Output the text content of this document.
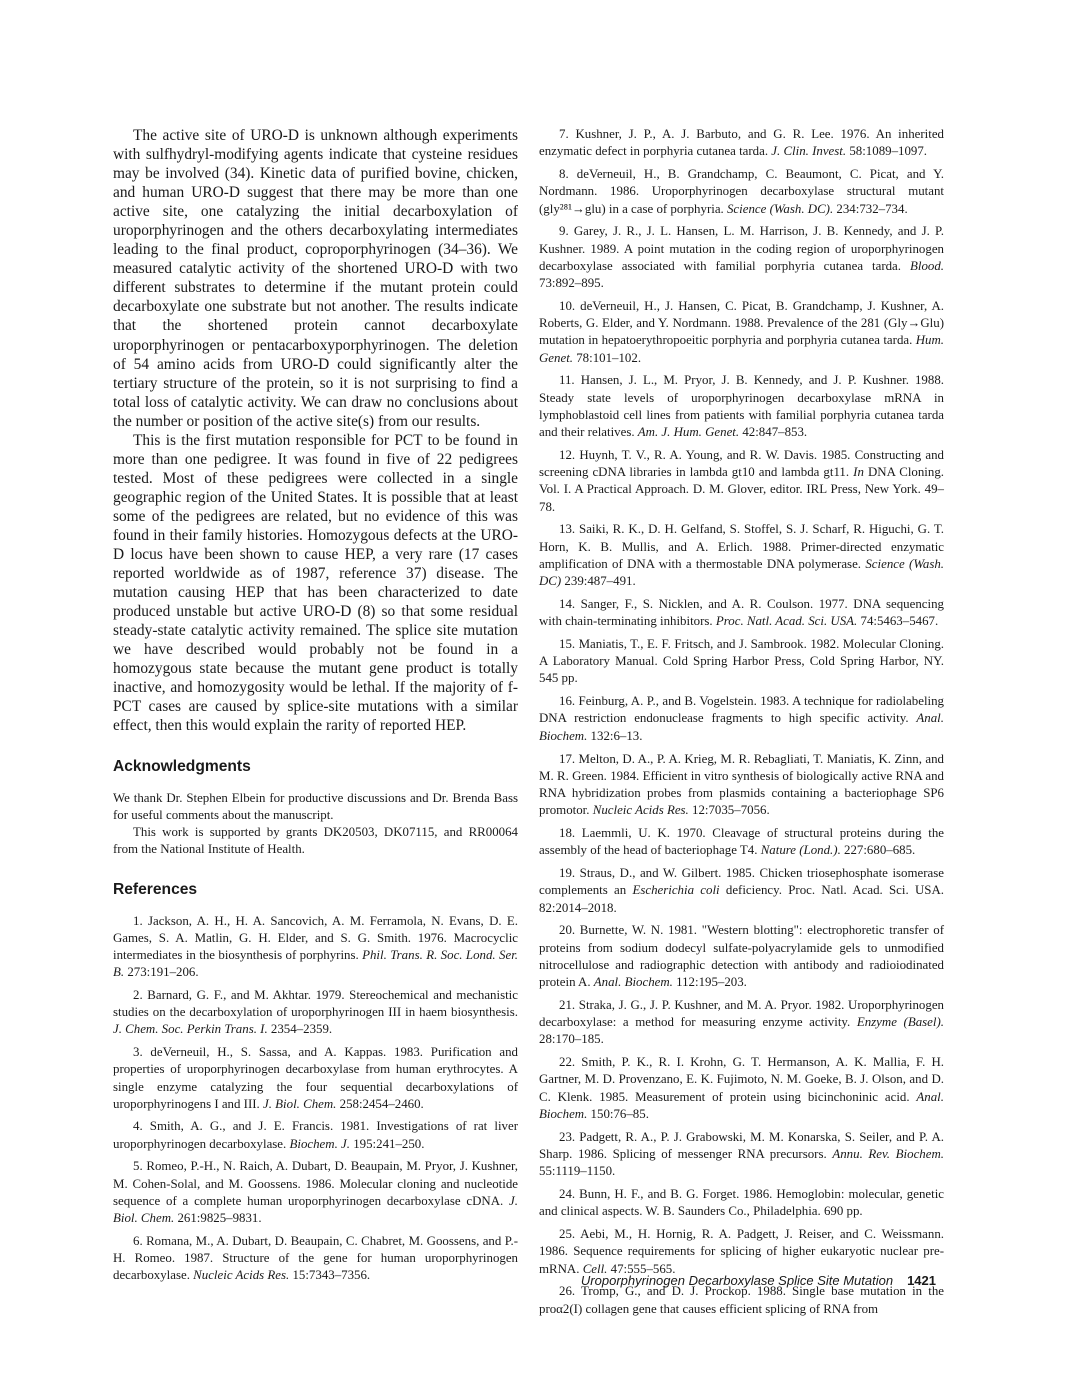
The active site of URO-D is unknown although experiments with sulfhydryl-modifying agents indicate that cysteine residues may be involved (34). Kinetic data of purified bovine, chicken, and human URO-D suggest that there may be more than one active site, one catalyzing the initial decarboxylation of uroporphyrinogen and the others decarboxylating intermediates leading to the final product, coproporphyrinogen (34–36). We measured catalytic activity of the shortened URO-D with two different substrates to determine if the mutant protein could decarboxylate one substrate but not another. The results indicate that the shortened protein cannot decarboxylate uroporphyrinogen or pentacarboxyporphyrinogen. The deletion of 54 amino acids from URO-D could significantly alter the tertiary structure of the protein, so it is not surprising to find a total loss of catalytic activity. We can draw no conclusions about the number or position of the active site(s) from our results.

This is the first mutation responsible for PCT to be found in more than one pedigree. It was found in five of 22 pedigrees tested. Most of these pedigrees were collected in a single geographic region of the United States. It is possible that at least some of the pedigrees are related, but no evidence of this was found in their family histories. Homozygous defects at the URO-D locus have been shown to cause HEP, a very rare (17 cases reported worldwide as of 1987, reference 37) disease. The mutation causing HEP that has been characterized to date produced unstable but active URO-D (8) so that some residual steady-state catalytic activity remained. The splice site mutation we have described would probably not be found in a homozygous state because the mutant gene product is totally inactive, and homozygosity would be lethal. If the majority of f-PCT cases are caused by splice-site mutations with a similar effect, then this would explain the rarity of reported HEP.

Acknowledgments

We thank Dr. Stephen Elbein for productive discussions and Dr. Brenda Bass for useful comments about the manuscript.

This work is supported by grants DK20503, DK07115, and RR00064 from the National Institute of Health.

References

1. Jackson, A. H., H. A. Sancovich, A. M. Ferramola, N. Evans, D. E. Games, S. A. Matlin, G. H. Elder, and S. G. Smith. 1976. Macrocyclic intermediates in the biosynthesis of porphyrins. Phil. Trans. R. Soc. Lond. Ser. B. 273:191–206.

2. Barnard, G. F., and M. Akhtar. 1979. Stereochemical and mechanistic studies on the decarboxylation of uroporphyrinogen III in haem biosynthesis. J. Chem. Soc. Perkin Trans. I. 2354–2359.

3. deVerneuil, H., S. Sassa, and A. Kappas. 1983. Purification and properties of uroporphyrinogen decarboxylase from human erythrocytes. A single enzyme catalyzing the four sequential decarboxylations of uroporphyrinogens I and III. J. Biol. Chem. 258:2454–2460.

4. Smith, A. G., and J. E. Francis. 1981. Investigations of rat liver uroporphyrinogen decarboxylase. Biochem. J. 195:241–250.

5. Romeo, P.-H., N. Raich, A. Dubart, D. Beaupain, M. Pryor, J. Kushner, M. Cohen-Solal, and M. Goossens. 1986. Molecular cloning and nucleotide sequence of a complete human uroporphyrinogen decarboxylase cDNA. J. Biol. Chem. 261:9825–9831.

6. Romana, M., A. Dubart, D. Beaupain, C. Chabret, M. Goossens, and P.-H. Romeo. 1987. Structure of the gene for human uroporphyrinogen decarboxylase. Nucleic Acids Res. 15:7343–7356.

7. Kushner, J. P., A. J. Barbuto, and G. R. Lee. 1976. An inherited enzymatic defect in porphyria cutanea tarda. J. Clin. Invest. 58:1089–1097.

8. deVerneuil, H., B. Grandchamp, C. Beaumont, C. Picat, and Y. Nordmann. 1986. Uroporphyrinogen decarboxylase structural mutant (gly²⁸¹→glu) in a case of porphyria. Science (Wash. DC). 234:732–734.

9. Garey, J. R., J. L. Hansen, L. M. Harrison, J. B. Kennedy, and J. P. Kushner. 1989. A point mutation in the coding region of uroporphyrinogen decarboxylase associated with familial porphyria cutanea tarda. Blood. 73:892–895.

10. deVerneuil, H., J. Hansen, C. Picat, B. Grandchamp, J. Kushner, A. Roberts, G. Elder, and Y. Nordmann. 1988. Prevalence of the 281 (Gly→Glu) mutation in hepatoerythropoeitic porphyria and porphyria cutanea tarda. Hum. Genet. 78:101–102.

11. Hansen, J. L., M. Pryor, J. B. Kennedy, and J. P. Kushner. 1988. Steady state levels of uroporphyrinogen decarboxylase mRNA in lymphoblastoid cell lines from patients with familial porphyria cutanea tarda and their relatives. Am. J. Hum. Genet. 42:847–853.

12. Huynh, T. V., R. A. Young, and R. W. Davis. 1985. Constructing and screening cDNA libraries in lambda gt10 and lambda gt11. In DNA Cloning. Vol. I. A Practical Approach. D. M. Glover, editor. IRL Press, New York. 49–78.

13. Saiki, R. K., D. H. Gelfand, S. Stoffel, S. J. Scharf, R. Higuchi, G. T. Horn, K. B. Mullis, and A. Erlich. 1988. Primer-directed enzymatic amplification of DNA with a thermostable DNA polymerase. Science (Wash. DC) 239:487–491.

14. Sanger, F., S. Nicklen, and A. R. Coulson. 1977. DNA sequencing with chain-terminating inhibitors. Proc. Natl. Acad. Sci. USA. 74:5463–5467.

15. Maniatis, T., E. F. Fritsch, and J. Sambrook. 1982. Molecular Cloning. A Laboratory Manual. Cold Spring Harbor Press, Cold Spring Harbor, NY. 545 pp.

16. Feinburg, A. P., and B. Vogelstein. 1983. A technique for radiolabeling DNA restriction endonuclease fragments to high specific activity. Anal. Biochem. 132:6–13.

17. Melton, D. A., P. A. Krieg, M. R. Rebagliati, T. Maniatis, K. Zinn, and M. R. Green. 1984. Efficient in vitro synthesis of biologically active RNA and RNA hybridization probes from plasmids containing a bacteriophage SP6 promotor. Nucleic Acids Res. 12:7035–7056.

18. Laemmli, U. K. 1970. Cleavage of structural proteins during the assembly of the head of bacteriophage T4. Nature (Lond.). 227:680–685.

19. Straus, D., and W. Gilbert. 1985. Chicken triosephosphate isomerase complements an Escherichia coli deficiency. Proc. Natl. Acad. Sci. USA. 82:2014–2018.

20. Burnette, W. N. 1981. "Western blotting": electrophoretic transfer of proteins from sodium dodecyl sulfate-polyacrylamide gels to unmodified nitrocellulose and radiographic detection with antibody and radioiodinated protein A. Anal. Biochem. 112:195–203.

21. Straka, J. G., J. P. Kushner, and M. A. Pryor. 1982. Uroporphyrinogen decarboxylase: a method for measuring enzyme activity. Enzyme (Basel). 28:170–185.

22. Smith, P. K., R. I. Krohn, G. T. Hermanson, A. K. Mallia, F. H. Gartner, M. D. Provenzano, E. K. Fujimoto, N. M. Goeke, B. J. Olson, and D. C. Klenk. 1985. Measurement of protein using bicinchoninic acid. Anal. Biochem. 150:76–85.

23. Padgett, R. A., P. J. Grabowski, M. M. Konarska, S. Seiler, and P. A. Sharp. 1986. Splicing of messenger RNA precursors. Annu. Rev. Biochem. 55:1119–1150.

24. Bunn, H. F., and B. G. Forget. 1986. Hemoglobin: molecular, genetic and clinical aspects. W. B. Saunders Co., Philadelphia. 690 pp.

25. Aebi, M., H. Hornig, R. A. Padgett, J. Reiser, and C. Weissmann. 1986. Sequence requirements for splicing of higher eukaryotic nuclear pre-mRNA. Cell. 47:555–565.

26. Tromp, G., and D. J. Prockop. 1988. Single base mutation in the proα2(I) collagen gene that causes efficient splicing of RNA from

Uroporphyrinogen Decarboxylase Splice Site Mutation 1421
